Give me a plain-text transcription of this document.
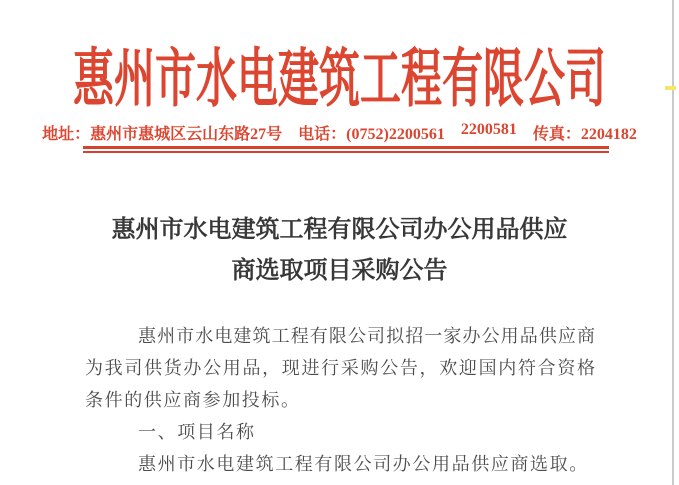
惠州市水电建筑工程有限公司
地址：惠州市惠城区云山东路27号 电话：(0752)2200561 2200581 传真：2204182
惠州市水电建筑工程有限公司办公用品供应
商选取项目采购公告
惠州市水电建筑工程有限公司拟招一家办公用品供应商
为我司供货办公用品，现进行采购公告，欢迎国内符合资格
条件的供应商参加投标。
一、项目名称
惠州市水电建筑工程有限公司办公用品供应商选取。
